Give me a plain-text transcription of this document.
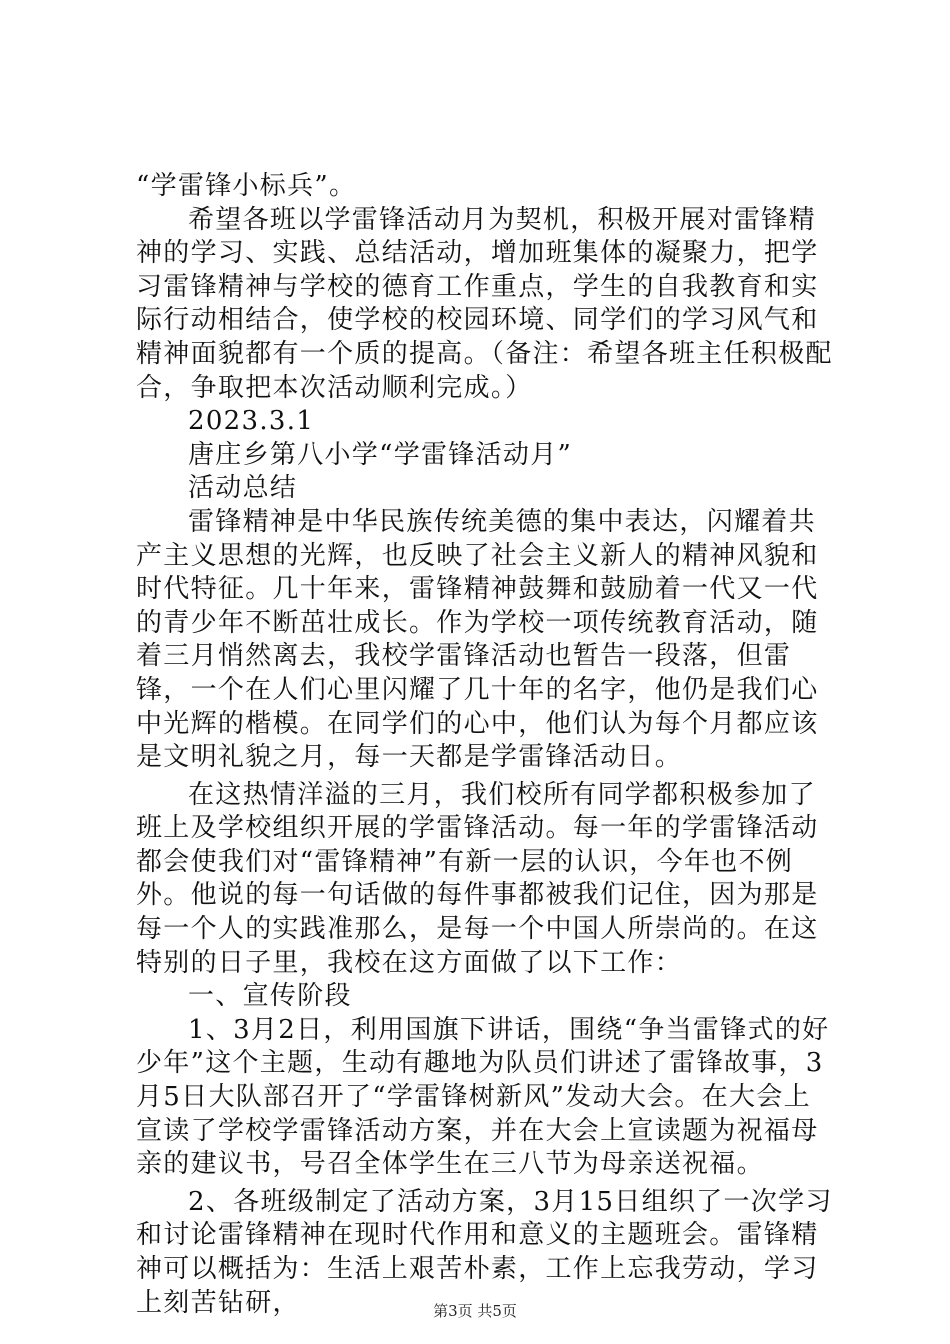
“学雷锋小标兵”。

希望各班以学雷锋活动月为契机，积极开展对雷锋精神的学习、实践、总结活动，增加班集体的凝聚力，把学习雷锋精神与学校的德育工作重点，学生的自我教育和实际行动相结合，使学校的校园环境、同学们的学习风气和精神面貌都有一个质的提高。（备注：希望各班主任积极配合，争取把本次活动顺利完成。）

2023.3.1

唐庄乡第八小学“学雷锋活动月”

活动总结

雷锋精神是中华民族传统美德的集中表达，闪耀着共产主义思想的光辉，也反映了社会主义新人的精神风貌和时代特征。几十年来，雷锋精神鼓舞和鼓励着一代又一代的青少年不断茁壮成长。作为学校一项传统教育活动，随着三月悄然离去，我校学雷锋活动也暂告一段落，但雷锋，一个在人们心里闪耀了几十年的名字，他仍是我们心中光辉的楷模。在同学们的心中，他们认为每个月都应该是文明礼貌之月，每一天都是学雷锋活动日。

在这热情洋溢的三月，我们校所有同学都积极参加了班上及学校组织开展的学雷锋活动。每一年的学雷锋活动都会使我们对“雷锋精神”有新一层的认识，今年也不例外。他说的每一句话做的每件事都被我们记住，因为那是每一个人的实践准那么，是每一个中国人所崇尚的。在这特别的日子里，我校在这方面做了以下工作：

一、宣传阶段

1、3月2日，利用国旗下讲话，围绕“争当雷锋式的好少年”这个主题，生动有趣地为队员们讲述了雷锋故事，3月5日大队部召开了“学雷锋树新风”发动大会。在大会上宣读了学校学雷锋活动方案，并在大会上宣读题为祝福母亲的建议书，号召全体学生在三八节为母亲送祝福。

2、各班级制定了活动方案，3月15日组织了一次学习和讨论雷锋精神在现时代作用和意义的主题班会。雷锋精神可以概括为：生活上艰苦朴素，工作上忘我劳动，学习上刻苦钻研，	第3页 共5页
